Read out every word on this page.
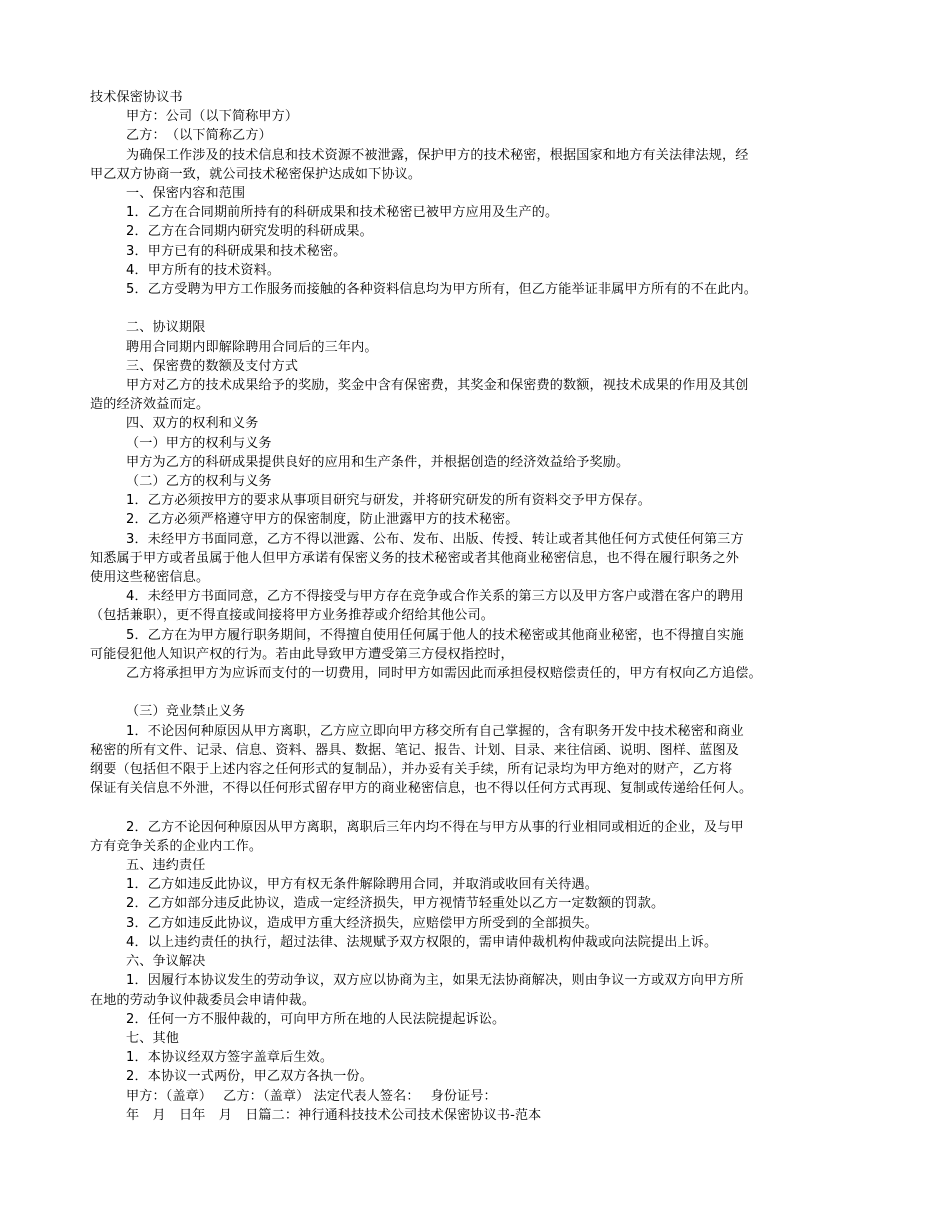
技术保密协议书

甲方：公司（以下简称甲方）

乙方：　（以下简称乙方）

为确保工作涉及的技术信息和技术资源不被泄露，保护甲方的技术秘密，根据国家和地方有关法律法规，经

甲乙双方协商一致，就公司技术秘密保护达成如下协议。

一、保密内容和范围

1．乙方在合同期前所持有的科研成果和技术秘密已被甲方应用及生产的。

2．乙方在合同期内研究发明的科研成果。

3．甲方已有的科研成果和技术秘密。

4．甲方所有的技术资料。

5．乙方受聘为甲方工作服务而接触的各种资料信息均为甲方所有，但乙方能举证非属甲方所有的不在此内。

二、协议期限

聘用合同期内即解除聘用合同后的三年内。

三、保密费的数额及支付方式

甲方对乙方的技术成果给予的奖励，奖金中含有保密费，其奖金和保密费的数额，视技术成果的作用及其创

造的经济效益而定。

四、双方的权利和义务

（一）甲方的权利与义务

甲方为乙方的科研成果提供良好的应用和生产条件，并根据创造的经济效益给予奖励。

（二）乙方的权利与义务

1．乙方必须按甲方的要求从事项目研究与研发，并将研究研发的所有资料交予甲方保存。

2．乙方必须严格遵守甲方的保密制度，防止泄露甲方的技术秘密。

3．未经甲方书面同意，乙方不得以泄露、公布、发布、出版、传授、转让或者其他任何方式使任何第三方

知悉属于甲方或者虽属于他人但甲方承诺有保密义务的技术秘密或者其他商业秘密信息，也不得在履行职务之外

使用这些秘密信息。

4．未经甲方书面同意，乙方不得接受与甲方存在竞争或合作关系的第三方以及甲方客户或潜在客户的聘用

（包括兼职），更不得直接或间接将甲方业务推荐或介绍给其他公司。

5．乙方在为甲方履行职务期间，不得擅自使用任何属于他人的技术秘密或其他商业秘密，也不得擅自实施

可能侵犯他人知识产权的行为。若由此导致甲方遭受第三方侵权指控时，

乙方将承担甲方为应诉而支付的一切费用，同时甲方如需因此而承担侵权赔偿责任的，甲方有权向乙方追偿。

（三）竞业禁止义务

1．不论因何种原因从甲方离职，乙方应立即向甲方移交所有自己掌握的，含有职务开发中技术秘密和商业

秘密的所有文件、记录、信息、资料、器具、数据、笔记、报告、计划、目录、来往信函、说明、图样、蓝图及

纲要（包括但不限于上述内容之任何形式的复制品），并办妥有关手续，所有记录均为甲方绝对的财产，乙方将

保证有关信息不外泄，不得以任何形式留存甲方的商业秘密信息，也不得以任何方式再现、复制或传递给任何人。

2．乙方不论因何种原因从甲方离职，离职后三年内均不得在与甲方从事的行业相同或相近的企业，及与甲

方有竞争关系的企业内工作。

五、违约责任

1．乙方如违反此协议，甲方有权无条件解除聘用合同，并取消或收回有关待遇。

2．乙方如部分违反此协议，造成一定经济损失，甲方视情节轻重处以乙方一定数额的罚款。

3．乙方如违反此协议，造成甲方重大经济损失，应赔偿甲方所受到的全部损失。

4．以上违约责任的执行，超过法律、法规赋予双方权限的，需申请仲裁机构仲裁或向法院提出上诉。

六、争议解决

1．因履行本协议发生的劳动争议，双方应以协商为主，如果无法协商解决，则由争议一方或双方向甲方所

在地的劳动争议仲裁委员会申请仲裁。

2．任何一方不服仲裁的，可向甲方所在地的人民法院提起诉讼。

七、其他

1．本协议经双方签字盖章后生效。

2．本协议一式两份，甲乙双方各执一份。

甲方：（盖章）　 乙方：（盖章） 法定代表人签名：　 身份证号：

年　月　日年　月　日篇二：神行通科技技术公司技术保密协议书-范本
